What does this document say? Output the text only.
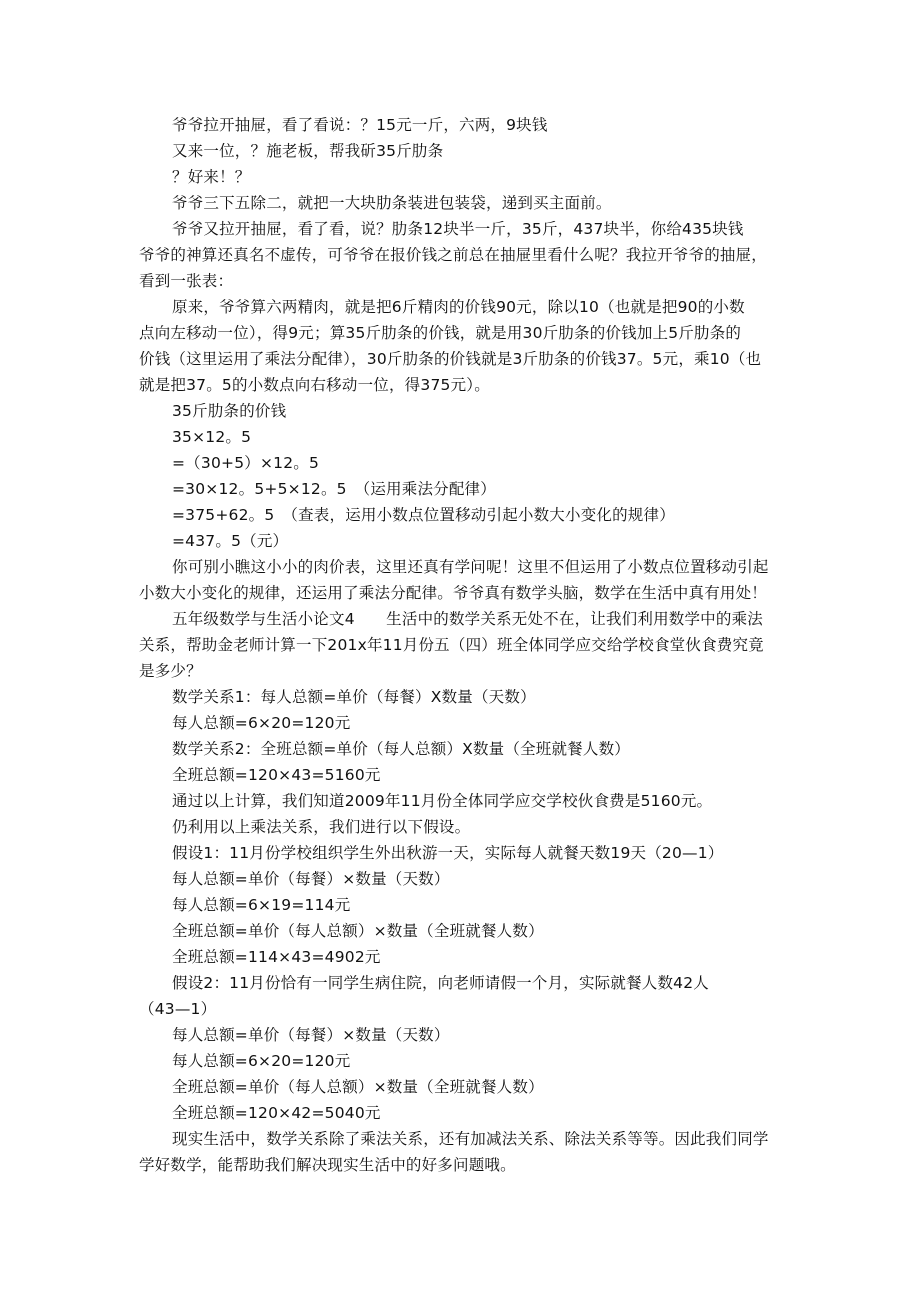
爷爷拉开抽屉，看了看说：？15元一斤，六两，9块钱
又来一位，？施老板，帮我斫35斤肋条
？好来！？
爷爷三下五除二，就把一大块肋条装进包装袋，递到买主面前。
爷爷又拉开抽屉，看了看，说？肋条12块半一斤，35斤，437块半，你给435块钱
爷爷的神算还真名不虚传，可爷爷在报价钱之前总在抽屉里看什么呢？我拉开爷爷的抽屉，
看到一张表：
原来，爷爷算六两精肉，就是把6斤精肉的价钱90元，除以10（也就是把90的小数
点向左移动一位），得9元；算35斤肋条的价钱，就是用30斤肋条的价钱加上5斤肋条的
价钱（这里运用了乘法分配律），30斤肋条的价钱就是3斤肋条的价钱37。5元，乘10（也
就是把37。5的小数点向右移动一位，得375元）。
35斤肋条的价钱
35×12。5
=（30+5）×12。5
=30×12。5+5×12。5　（运用乘法分配律）
=375+62。5　（查表，运用小数点位置移动引起小数大小变化的规律）
=437。5（元）
你可别小瞧这小小的肉价表，这里还真有学问呢！这里不但运用了小数点位置移动引起
小数大小变化的规律，还运用了乘法分配律。爷爷真有数学头脑，数学在生活中真有用处！
五年级数学与生活小论文4　　生活中的数学关系无处不在，让我们利用数学中的乘法
关系，帮助金老师计算一下201x年11月份五（四）班全体同学应交给学校食堂伙食费究竟
是多少？
数学关系1：每人总额=单价（每餐）X数量（天数）
每人总额=6×20=120元
数学关系2：全班总额=单价（每人总额）X数量（全班就餐人数）
全班总额=120×43=5160元
通过以上计算，我们知道2009年11月份全体同学应交学校伙食费是5160元。
仍利用以上乘法关系，我们进行以下假设。
假设1：11月份学校组织学生外出秋游一天，实际每人就餐天数19天（20—1）
每人总额=单价（每餐）×数量（天数）
每人总额=6×19=114元
全班总额=单价（每人总额）×数量（全班就餐人数）
全班总额=114×43=4902元
假设2：11月份恰有一同学生病住院，向老师请假一个月，实际就餐人数42人
（43—1）
每人总额=单价（每餐）×数量（天数）
每人总额=6×20=120元
全班总额=单价（每人总额）×数量（全班就餐人数）
全班总额=120×42=5040元
现实生活中，数学关系除了乘法关系，还有加减法关系、除法关系等等。因此我们同学
学好数学，能帮助我们解决现实生活中的好多问题哦。
